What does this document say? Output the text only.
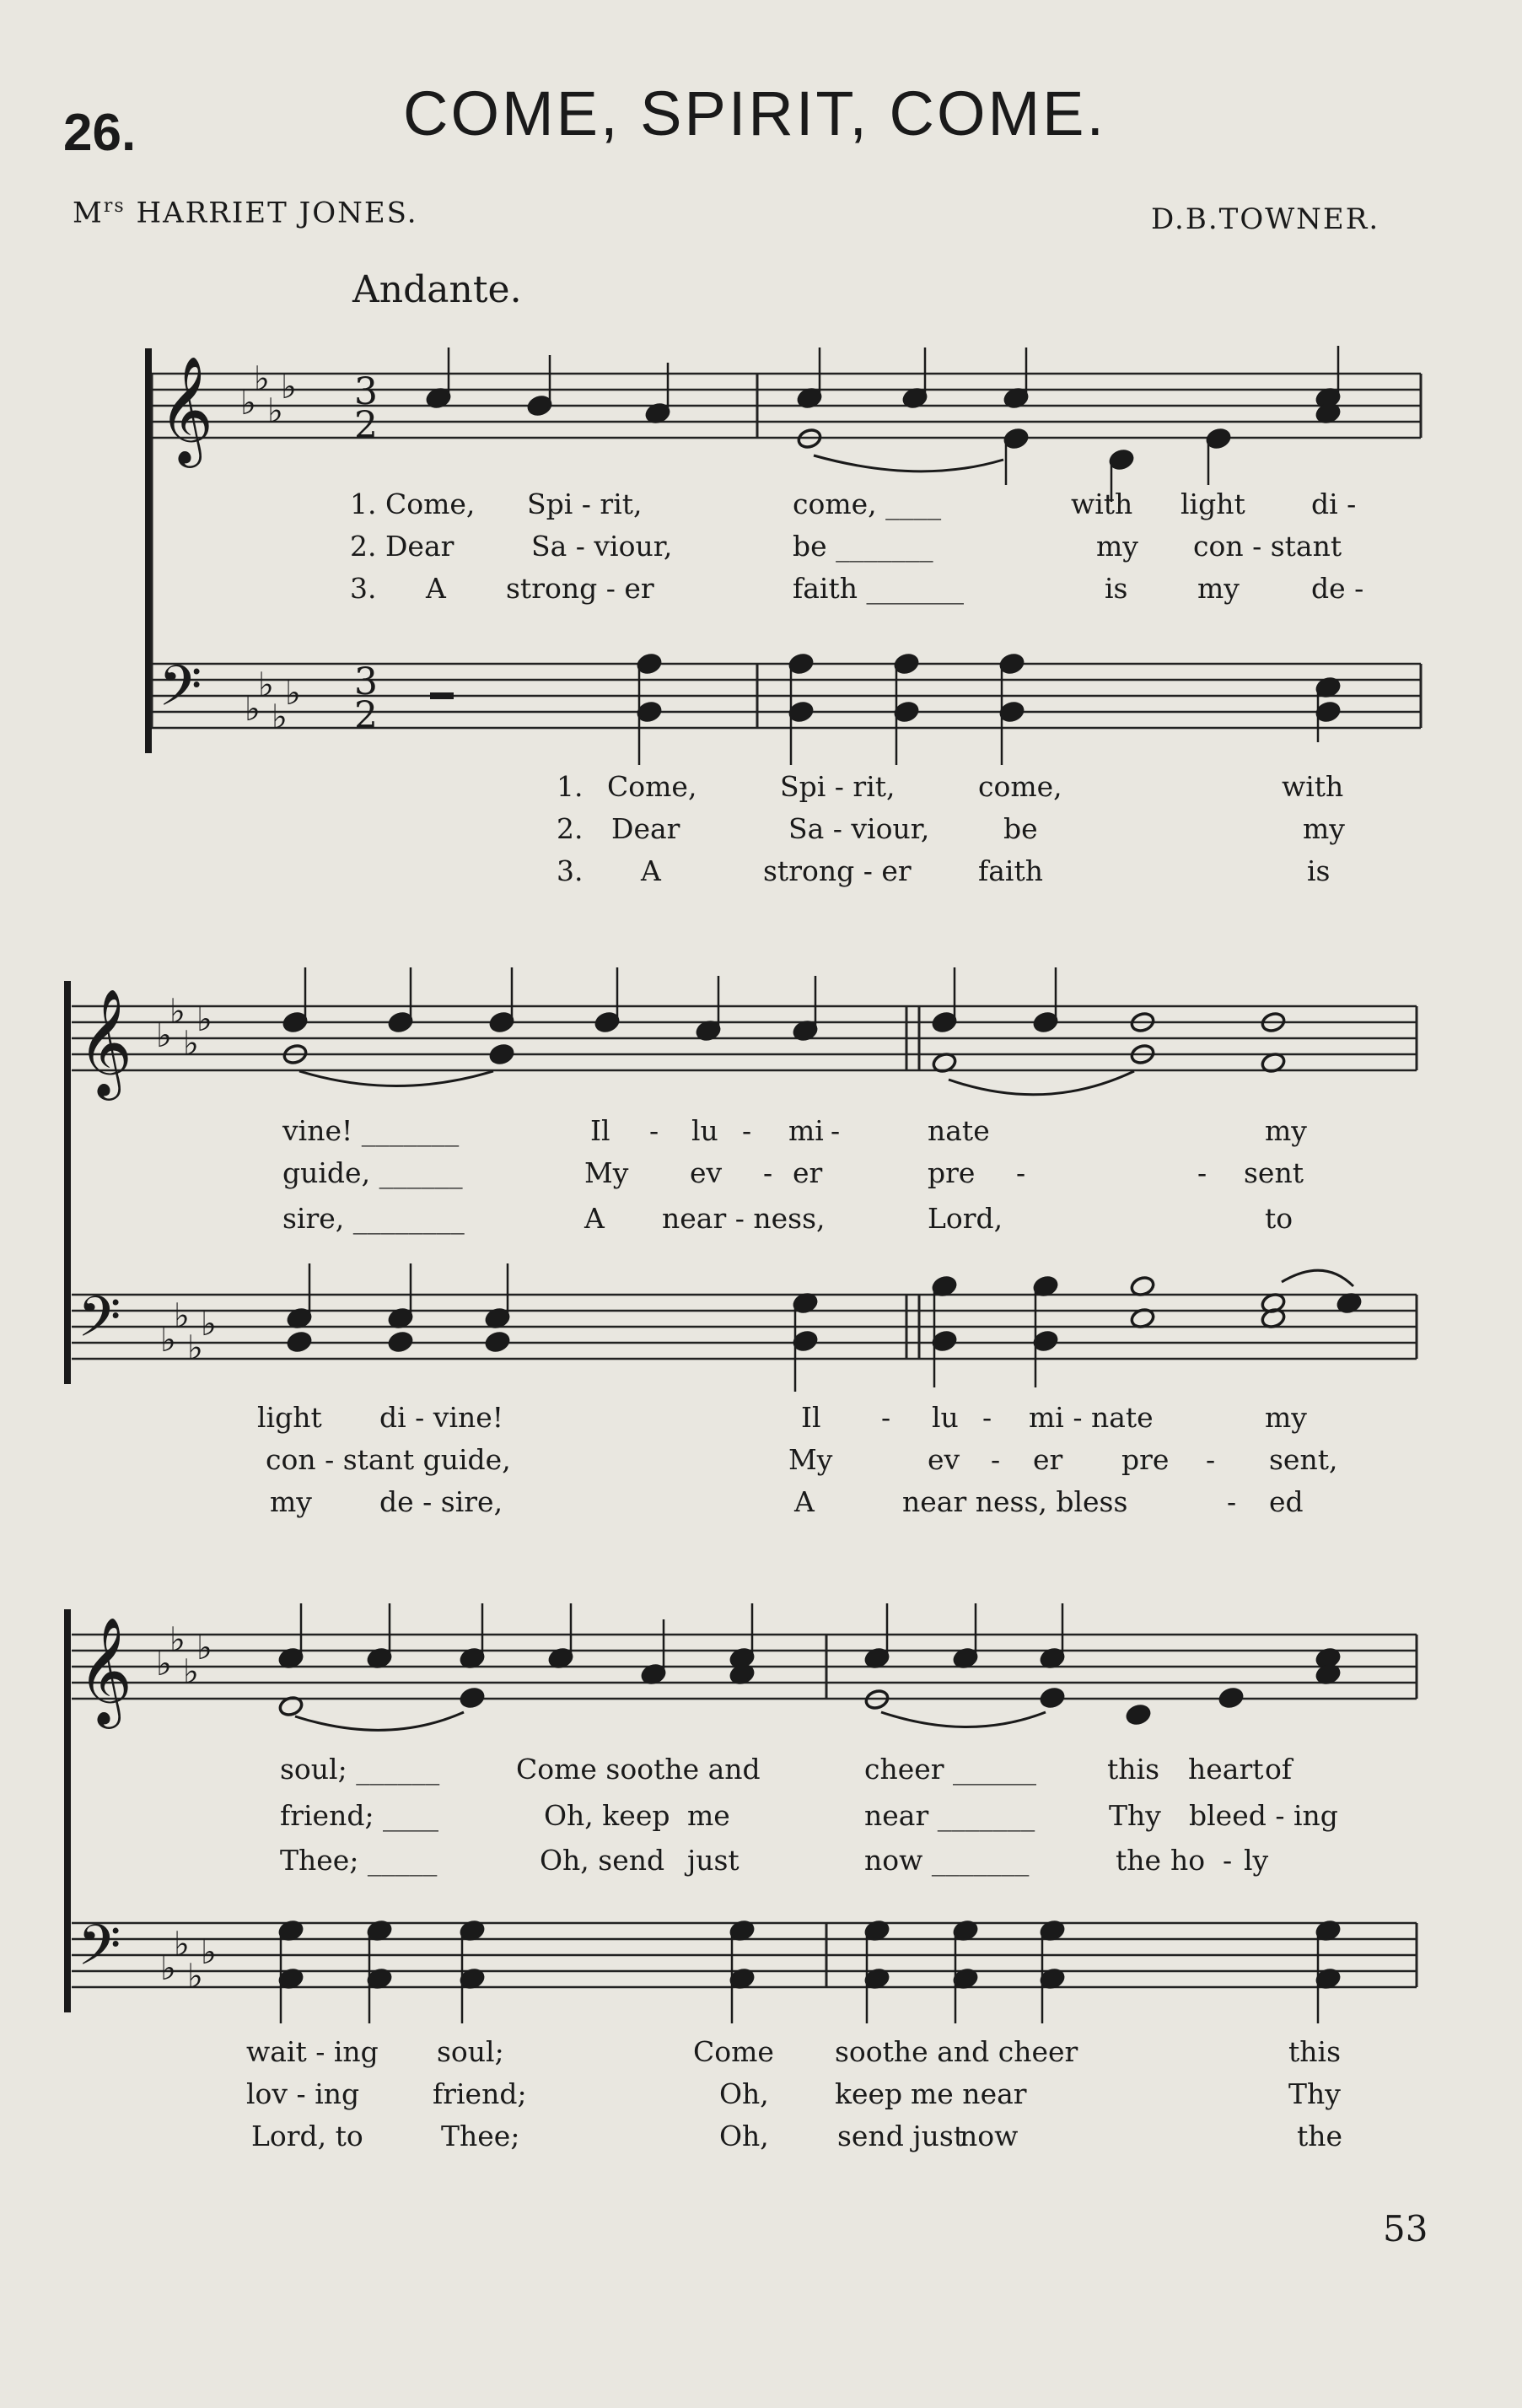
26.	COME, SPIRIT, COME.
$M^{rs}$ HARRIET JONES.	D.B.TOWNER.
Andante.
𝄞
𝄢
♭
♭
♭
♭
♭
♭
♭
♭
3
2
3
2
𝄞
𝄢
♭
♭
♭
♭
♭
♭
♭
♭
𝄞
𝄢
♭
♭
♭
♭
♭
♭
♭
♭
1. Come, Spi - rit,	come, ____	with light di -
2. Dear	Sa - viour,	be _______	my con - stant
3. A strong - er	faith _______	is	my	de -
1. Come,	Spi - rit,	come,	with
2. Dear	Sa - viour,	be	my
3. A	strong - er faith	is
vine! _______	Il - lu - mi -	nate	my
guide, ______	My ev - er	pre -	- sent
sire, ________	A near - ness,	Lord,	to
light di - vine!	Il - lu - mi - nate	my
con - stant guide,	My	ev - er pre - sent,
my de - sire,	A	near ness, bless	- ed
soul; ______	Come soothe and	cheer ______	this heart of
friend; ____	Oh, keep me	near _______	Thy bleed - ing
Thee; _____	Oh, send just	now _______	the ho - ly
wait - ing soul;	Come soothe and cheer	this
lov - ing	friend;	Oh, keep me near	Thy
Lord, to	Thee;	Oh, send just
now	the
53
